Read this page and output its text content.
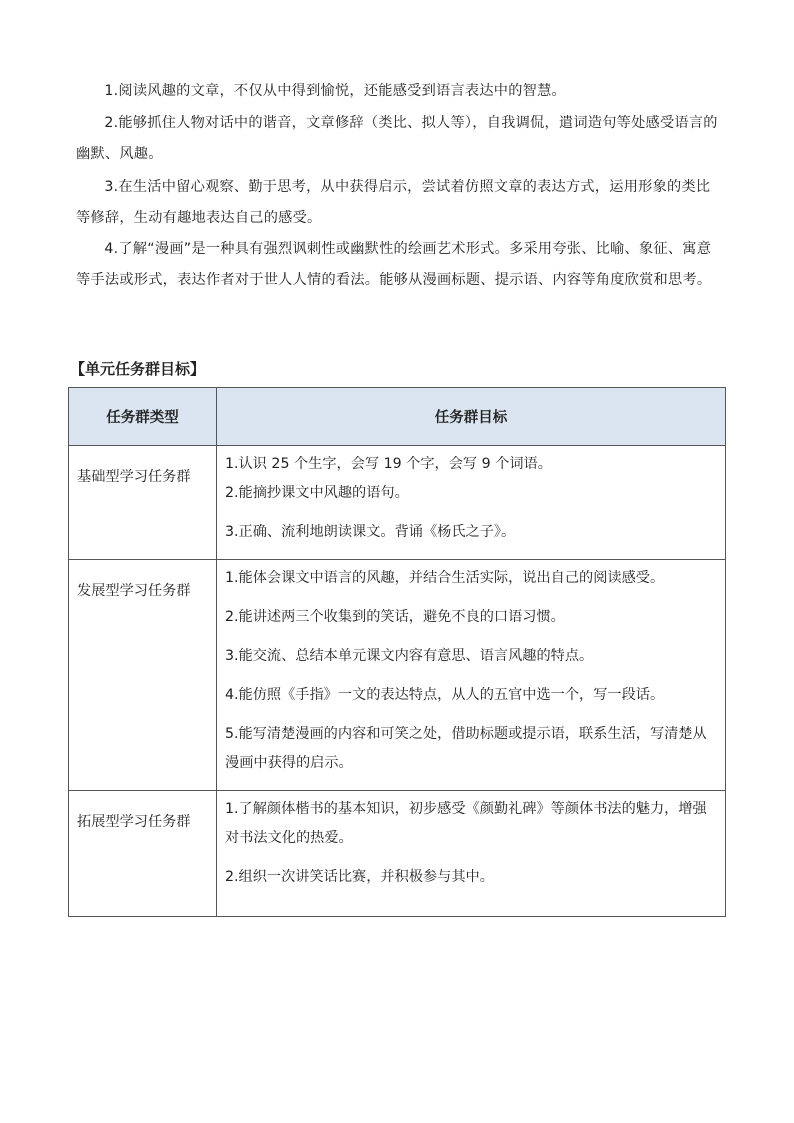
1.阅读风趣的文章，不仅从中得到愉悦，还能感受到语言表达中的智慧。

2.能够抓住人物对话中的谐音，文章修辞（类比、拟人等），自我调侃，遣词造句等处感受语言的幽默、风趣。

3.在生活中留心观察、勤于思考，从中获得启示，尝试着仿照文章的表达方式，运用形象的类比等修辞，生动有趣地表达自己的感受。

4.了解“漫画”是一种具有强烈讽刺性或幽默性的绘画艺术形式。多采用夸张、比喻、象征、寓意等手法或形式，表达作者对于世人人情的看法。能够从漫画标题、提示语、内容等角度欣赏和思考。

【单元任务群目标】

任务群类型	任务群目标
基础型学习任务群	1.认识 25 个生字，会写 19 个字，会写 9 个词语。

2.能摘抄课文中风趣的语句。

3.正确、流利地朗读课文。背诵《杨氏之子》。

发展型学习任务群	1.能体会课文中语言的风趣，并结合生活实际，说出自己的阅读感受。

2.能讲述两三个收集到的笑话，避免不良的口语习惯。

3.能交流、总结本单元课文内容有意思、语言风趣的特点。

4.能仿照《手指》一文的表达特点，从人的五官中选一个，写一段话。

5.能写清楚漫画的内容和可笑之处，借助标题或提示语，联系生活，写清楚从漫画中获得的启示。

拓展型学习任务群	1.了解颜体楷书的基本知识，初步感受《颜勤礼碑》等颜体书法的魅力，增强对书法文化的热爱。

2.组织一次讲笑话比赛，并积极参与其中。
